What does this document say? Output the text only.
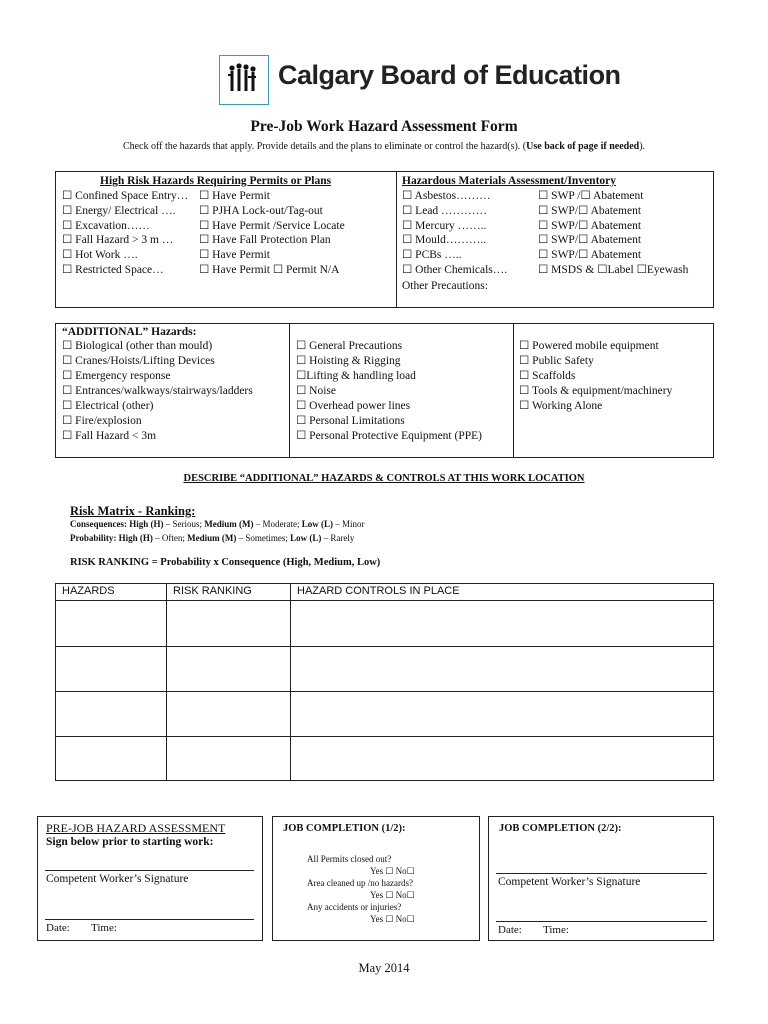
Calgary Board of Education
Pre-Job Work Hazard Assessment Form
Check off the hazards that apply. Provide details and the plans to eliminate or control the hazard(s). (Use back of page if needed).
High Risk Hazards Requiring Permits or Plans
☐ Confined Space Entry…
☐ Energy/ Electrical ….
☐ Excavation……
☐ Fall Hazard > 3 m …
☐ Hot Work ….
☐ Restricted Space…
☐ Have Permit
☐ PJHA Lock-out/Tag-out
☐ Have Permit /Service Locate
☐ Have Fall Protection Plan
☐ Have Permit
☐ Have Permit ☐ Permit N/A
Hazardous Materials Assessment/Inventory
☐ Asbestos………
☐ Lead …………
☐ Mercury ……..
☐ Mould………..
☐ PCBs …..
☐ Other Chemicals….
☐ SWP /☐ Abatement
☐ SWP/☐ Abatement
☐ SWP/☐ Abatement
☐ SWP/☐ Abatement
☐ SWP/☐ Abatement
☐ MSDS & ☐Label ☐Eyewash
Other Precautions:
“ADDITIONAL” Hazards:
☐ Biological (other than mould)
☐ Cranes/Hoists/Lifting Devices
☐ Emergency response
☐ Entrances/walkways/stairways/ladders
☐ Electrical (other)
☐ Fire/explosion
☐ Fall Hazard < 3m
☐ General Precautions
☐ Hoisting & Rigging
☐Lifting & handling load
☐ Noise
☐ Overhead power lines
☐ Personal Limitations
☐ Personal Protective Equipment (PPE)
☐ Powered mobile equipment
☐ Public Safety
☐ Scaffolds
☐ Tools & equipment/machinery
☐ Working Alone
DESCRIBE “ADDITIONAL” HAZARDS & CONTROLS AT THIS WORK LOCATION
Risk Matrix - Ranking:
Consequences: High (H) – Serious; Medium (M) – Moderate; Low (L) – Minor
Probability: High (H) – Often; Medium (M) – Sometimes; Low (L) – Rarely
RISK RANKING = Probability x Consequence (High, Medium, Low)
HAZARDS	RISK RANKING	HAZARD CONTROLS IN PLACE
PRE-JOB HAZARD ASSESSMENT
Sign below prior to starting work:
Competent Worker’s Signature
Date: Time:
JOB COMPLETION (1/2):
All Permits closed out?
Yes ☐ No☐
Area cleaned up /no hazards?
Yes ☐ No☐
Any accidents or injuries?
Yes ☐ No☐
JOB COMPLETION (2/2):
Competent Worker’s Signature
Date: Time:
May 2014
